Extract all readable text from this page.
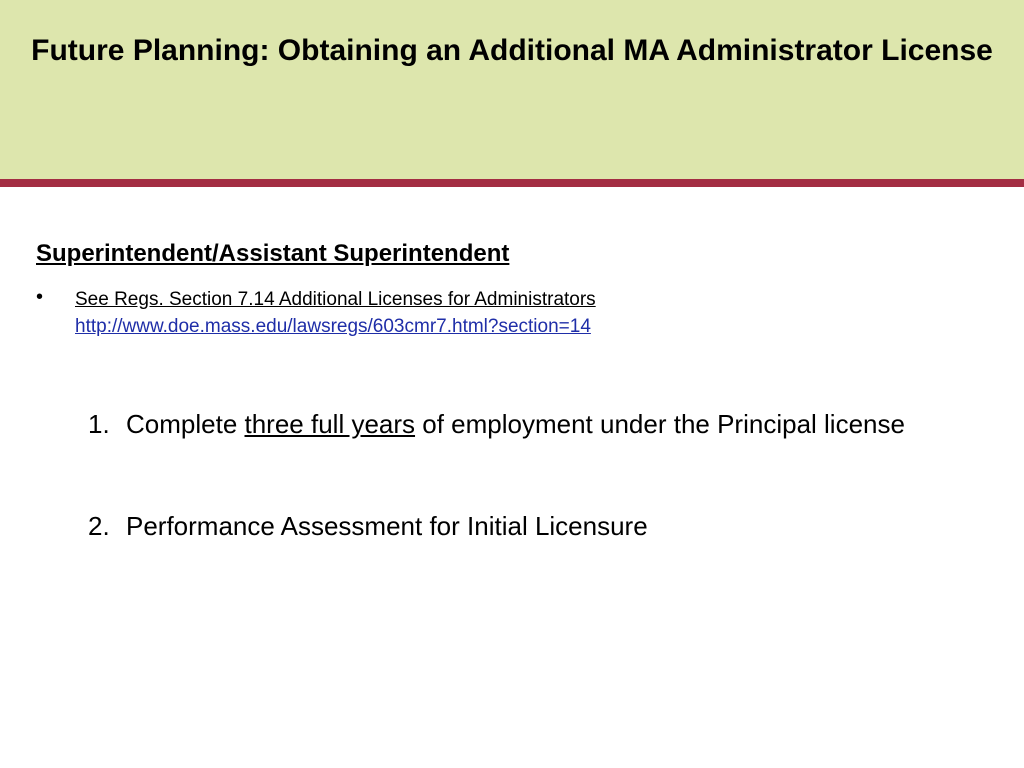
Future Planning: Obtaining an Additional MA Administrator License
Superintendent/Assistant Superintendent
• See Regs. Section 7.14 Additional Licenses for Administrators
http://www.doe.mass.edu/lawsregs/603cmr7.html?section=14
1. Complete three full years of employment under the Principal license
2. Performance Assessment for Initial Licensure
